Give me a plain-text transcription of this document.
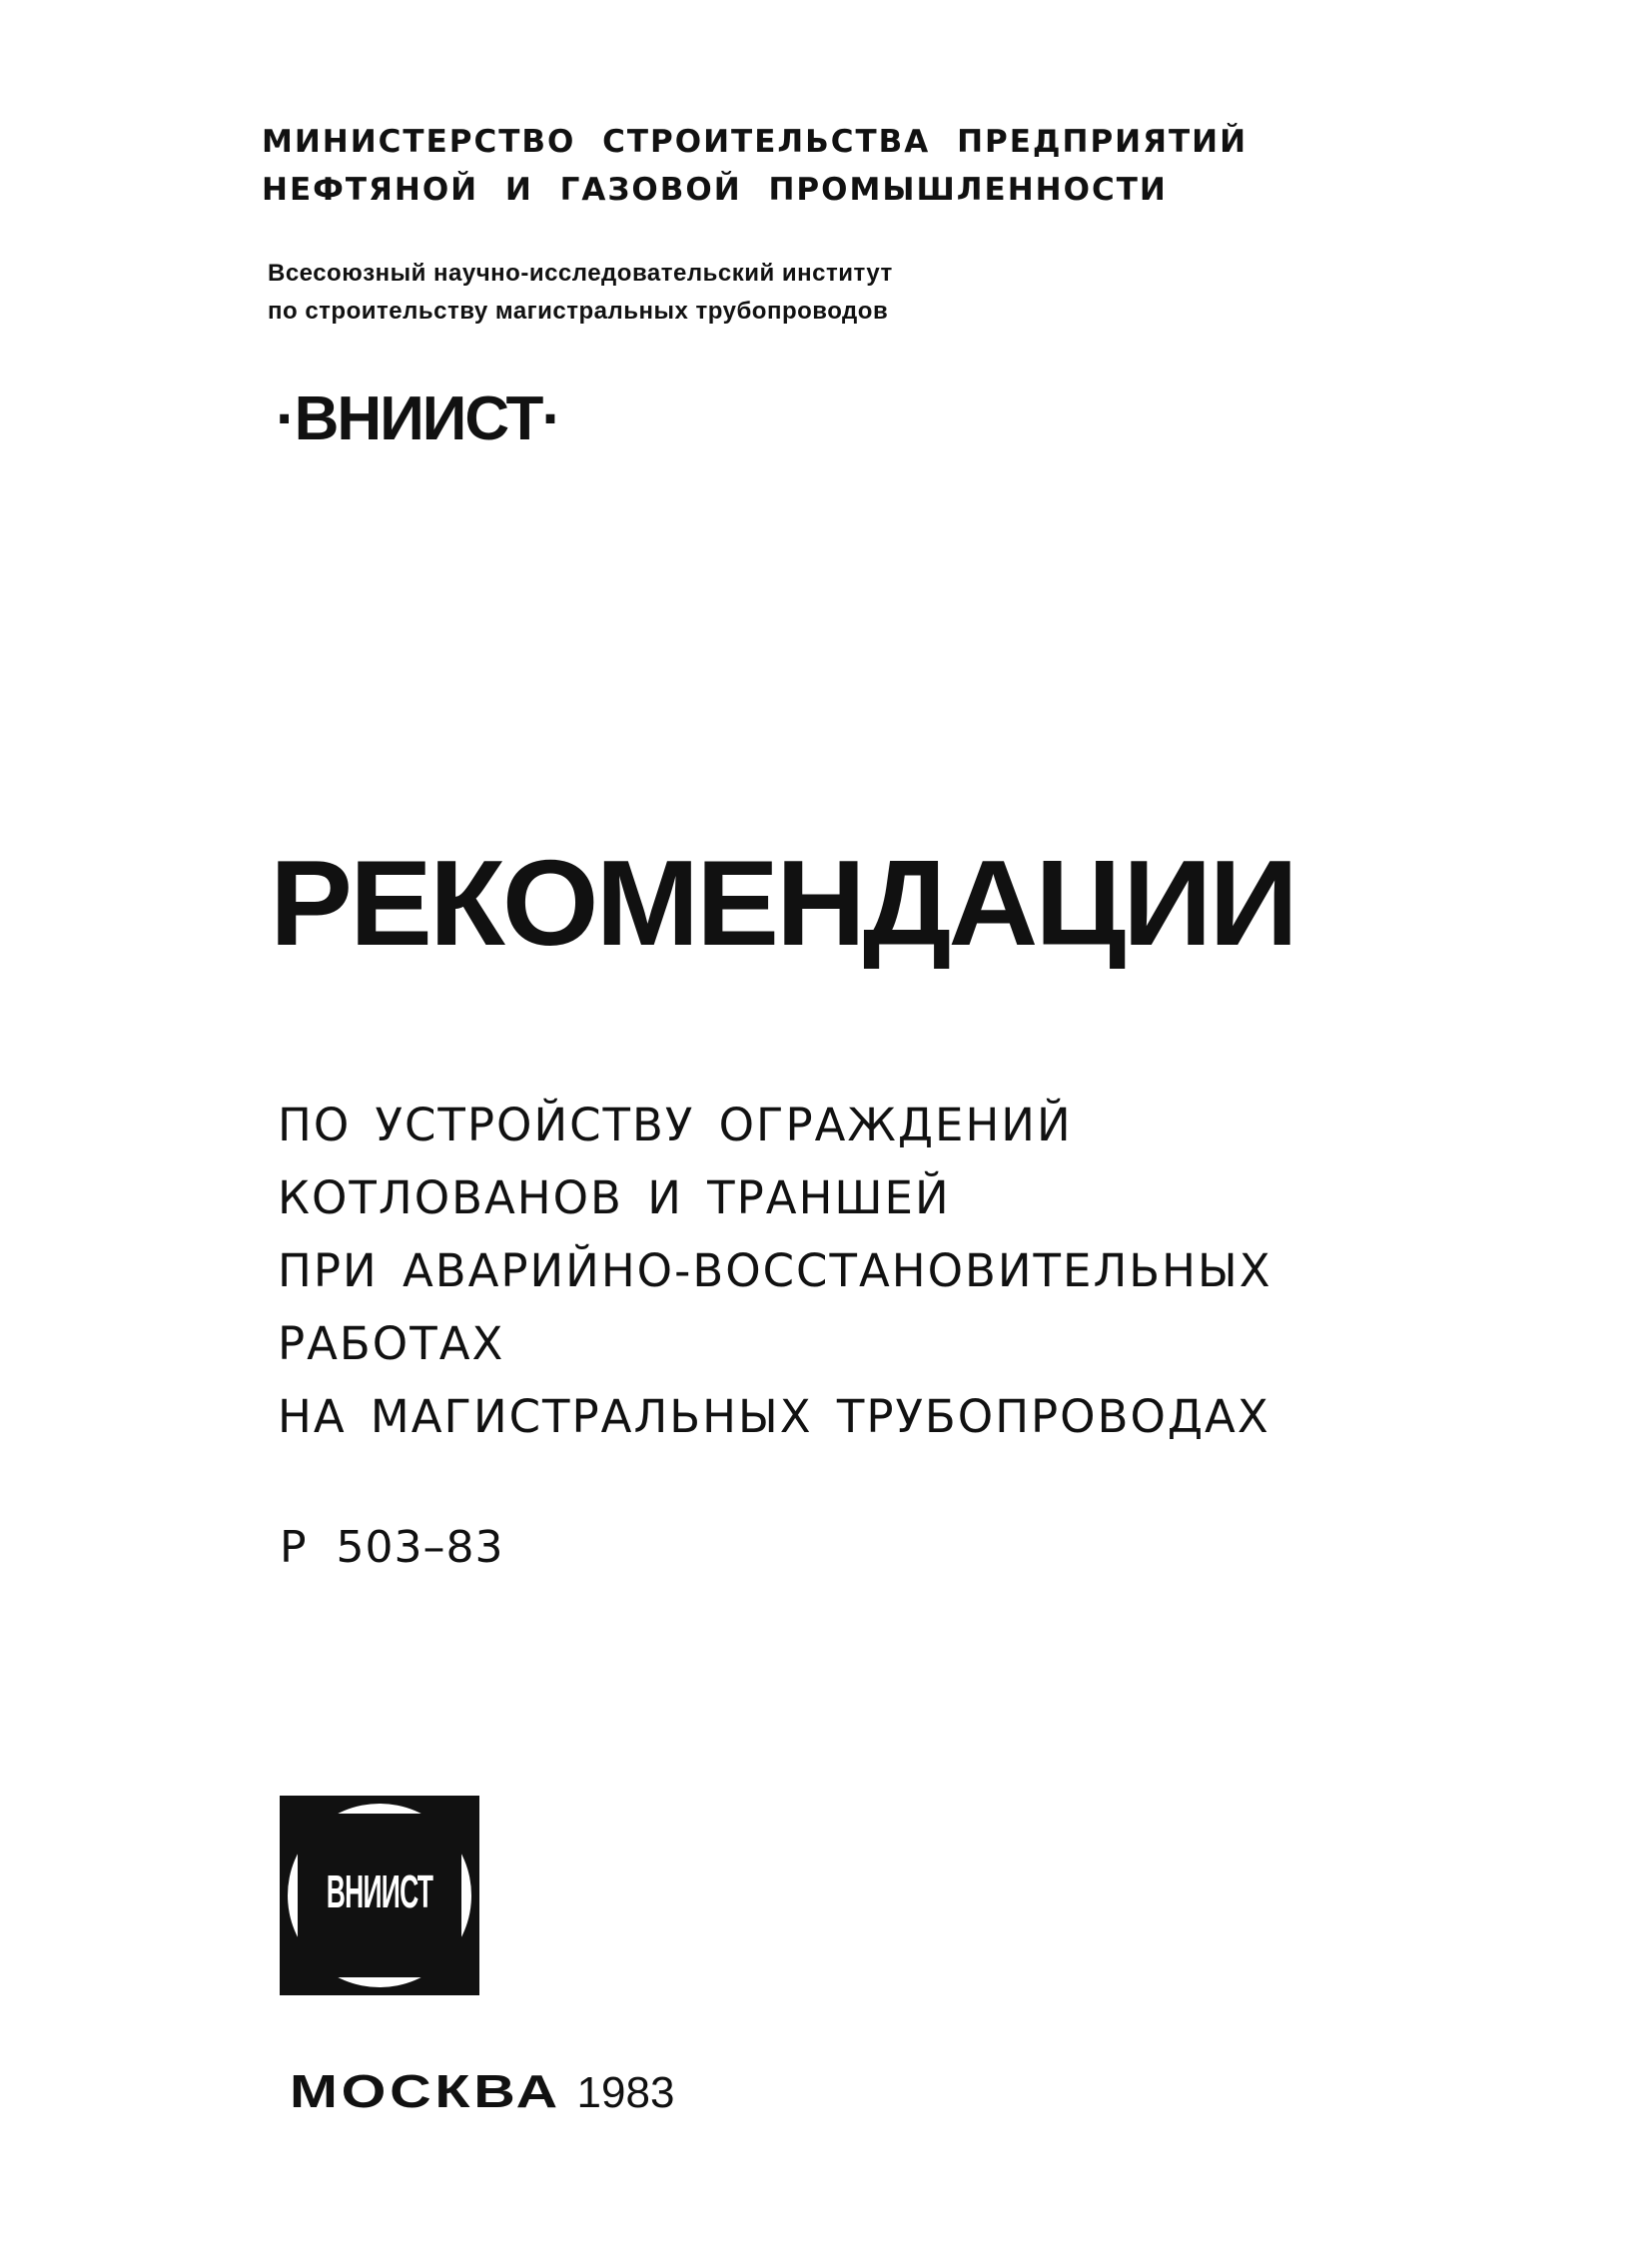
МИНИСТЕРСТВО СТРОИТЕЛЬСТВА ПРЕДПРИЯТИЙ
НЕФТЯНОЙ И ГАЗОВОЙ ПРОМЫШЛЕННОСТИ
Всесоюзный научно-исследовательский институт
по строительству магистральных трубопроводов
·ВНИИСТ·
РЕКОМЕНДАЦИИ
ПО УСТРОЙСТВУ ОГРАЖДЕНИЙ
КОТЛОВАНОВ И ТРАНШЕЙ
ПРИ АВАРИЙНО-ВОССТАНОВИТЕЛЬНЫХ
РАБОТАХ
НА МАГИСТРАЛЬНЫХ ТРУБОПРОВОДАХ
Р 503–83
ВНИИСТ
МОСКВА 1983
